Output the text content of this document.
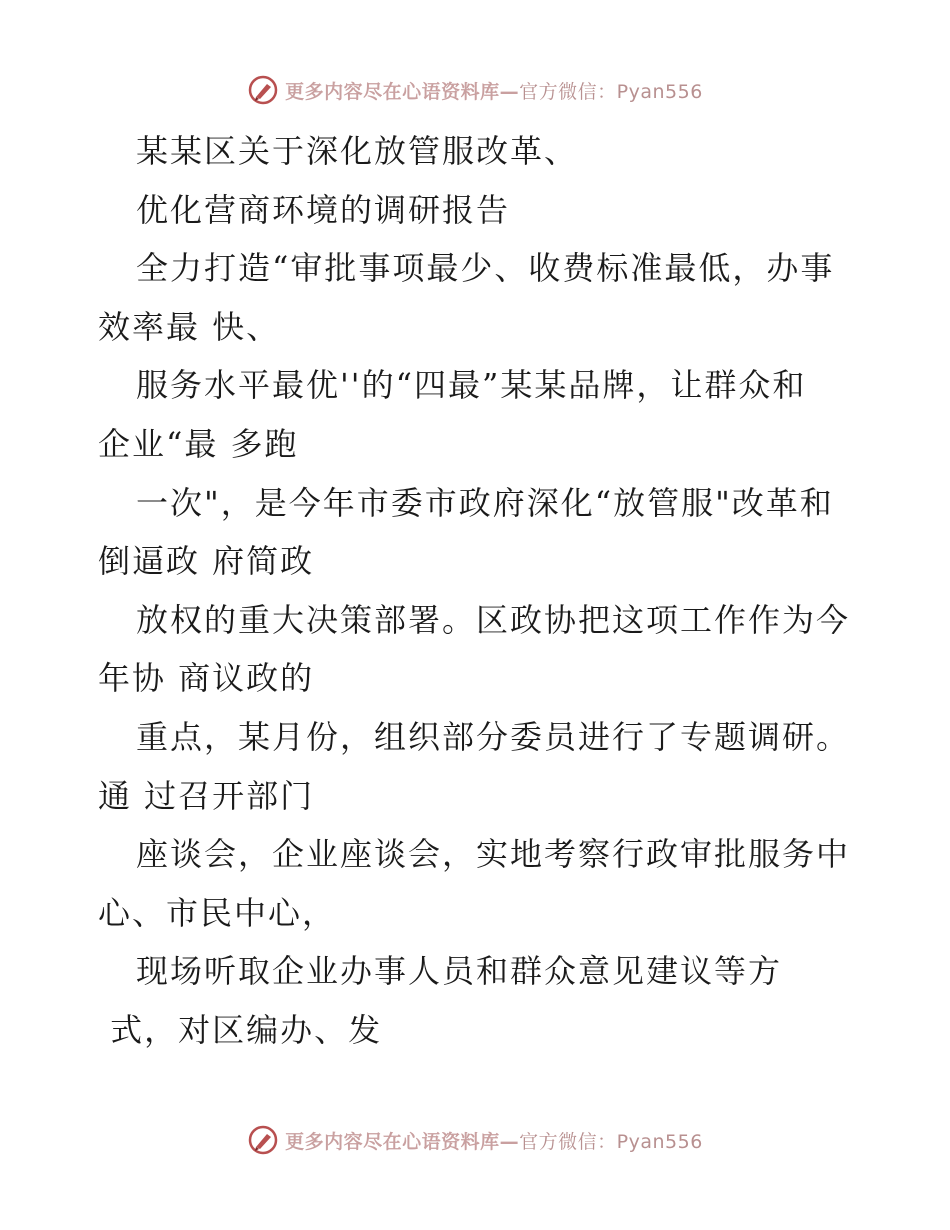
更多内容尽在心语资料库—官方微信：Pyan556
某某区关于深化放管服改革、
优化营商环境的调研报告
全力打造“审批事项最少、收费标准最低，办事
效率最 快、
服务水平最优''的“四最”某某品牌，让群众和
企业“最 多跑
一次"，是今年市委市政府深化“放管服"改革和
倒逼政 府简政
放权的重大决策部署。区政协把这项工作作为今
年协 商议政的
重点，某月份，组织部分委员进行了专题调研。
通 过召开部门
座谈会，企业座谈会，实地考察行政审批服务中
心、市民中心，
现场听取企业办事人员和群众意见建议等方
式，对区编办、发
更多内容尽在心语资料库—官方微信：Pyan556
